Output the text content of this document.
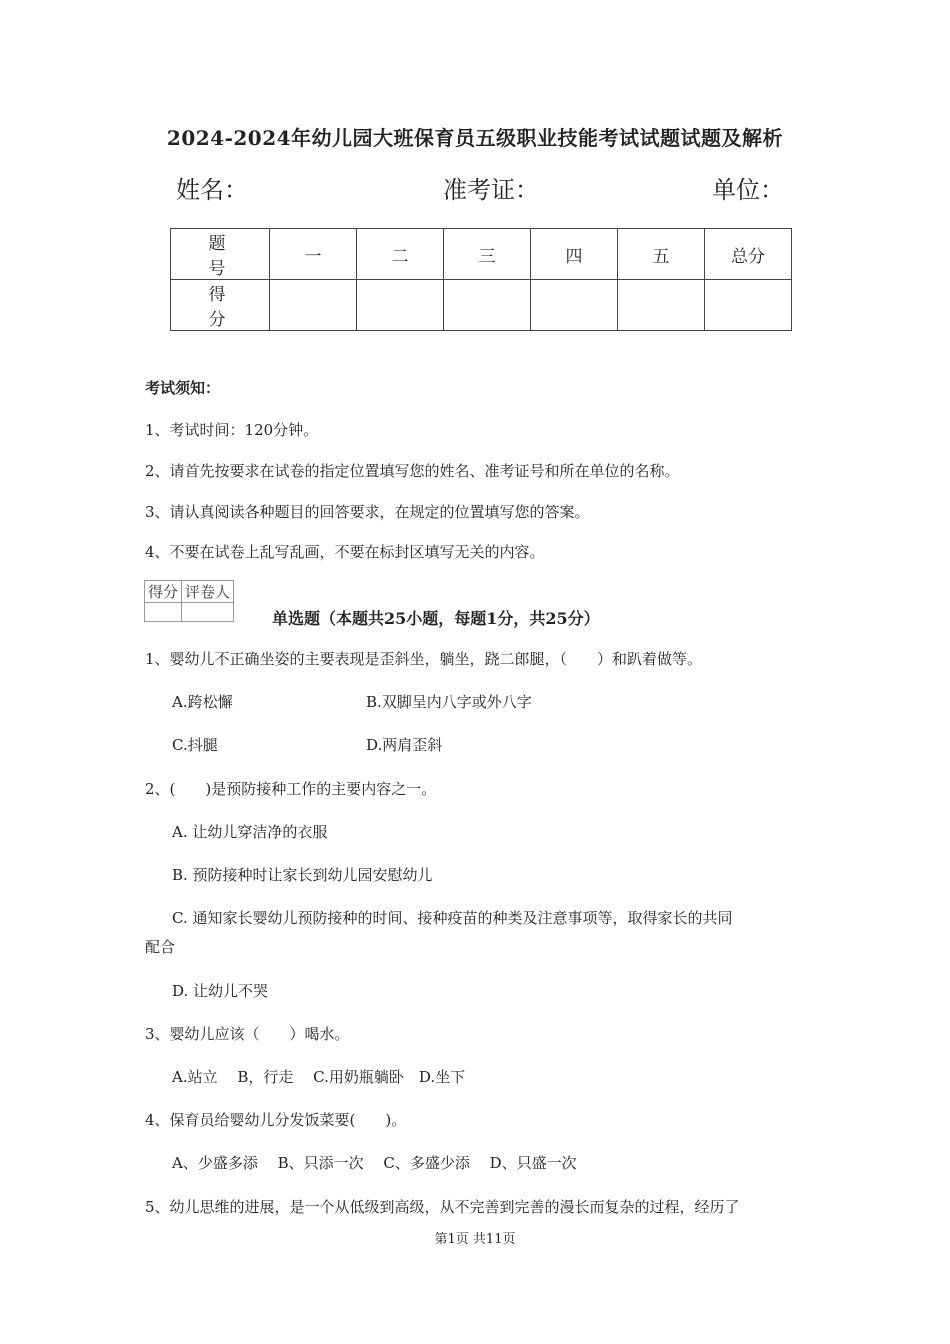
2024-2024年幼儿园大班保育员五级职业技能考试试题试题及解析
姓名：	准考证：	单位：
题 号	一	二	三	四	五	总分
得 分						
考试须知：
1、考试时间：120分钟。
2、请首先按要求在试卷的指定位置填写您的姓名、准考证号和所在单位的名称。
3、请认真阅读各种题目的回答要求，在规定的位置填写您的答案。
4、不要在试卷上乱写乱画，不要在标封区填写无关的内容。
得分	评卷人

单选题（本题共25小题，每题1分，共25分）
1、婴幼儿不正确坐姿的主要表现是歪斜坐，躺坐，跷二郎腿，（　　）和趴着做等。
A.跨松懈	B.双脚呈内八字或外八字
C.抖腿	D.两肩歪斜
2、(　　)是预防接种工作的主要内容之一。
A. 让幼儿穿洁净的衣服
B. 预防接种时让家长到幼儿园安慰幼儿
C. 通知家长婴幼儿预防接种的时间、接种疫苗的种类及注意事项等，取得家长的共同
配合
D. 让幼儿不哭
3、婴幼儿应该（　　）喝水。
A.站立　 B，行走　 C.用奶瓶躺卧　D.坐下
4、保育员给婴幼儿分发饭菜要(　　)。
A、少盛多添　 B、只添一次　 C、多盛少添　 D、只盛一次
5、幼儿思维的进展，是一个从低级到高级，从不完善到完善的漫长而复杂的过程，经历了
第1页 共11页
